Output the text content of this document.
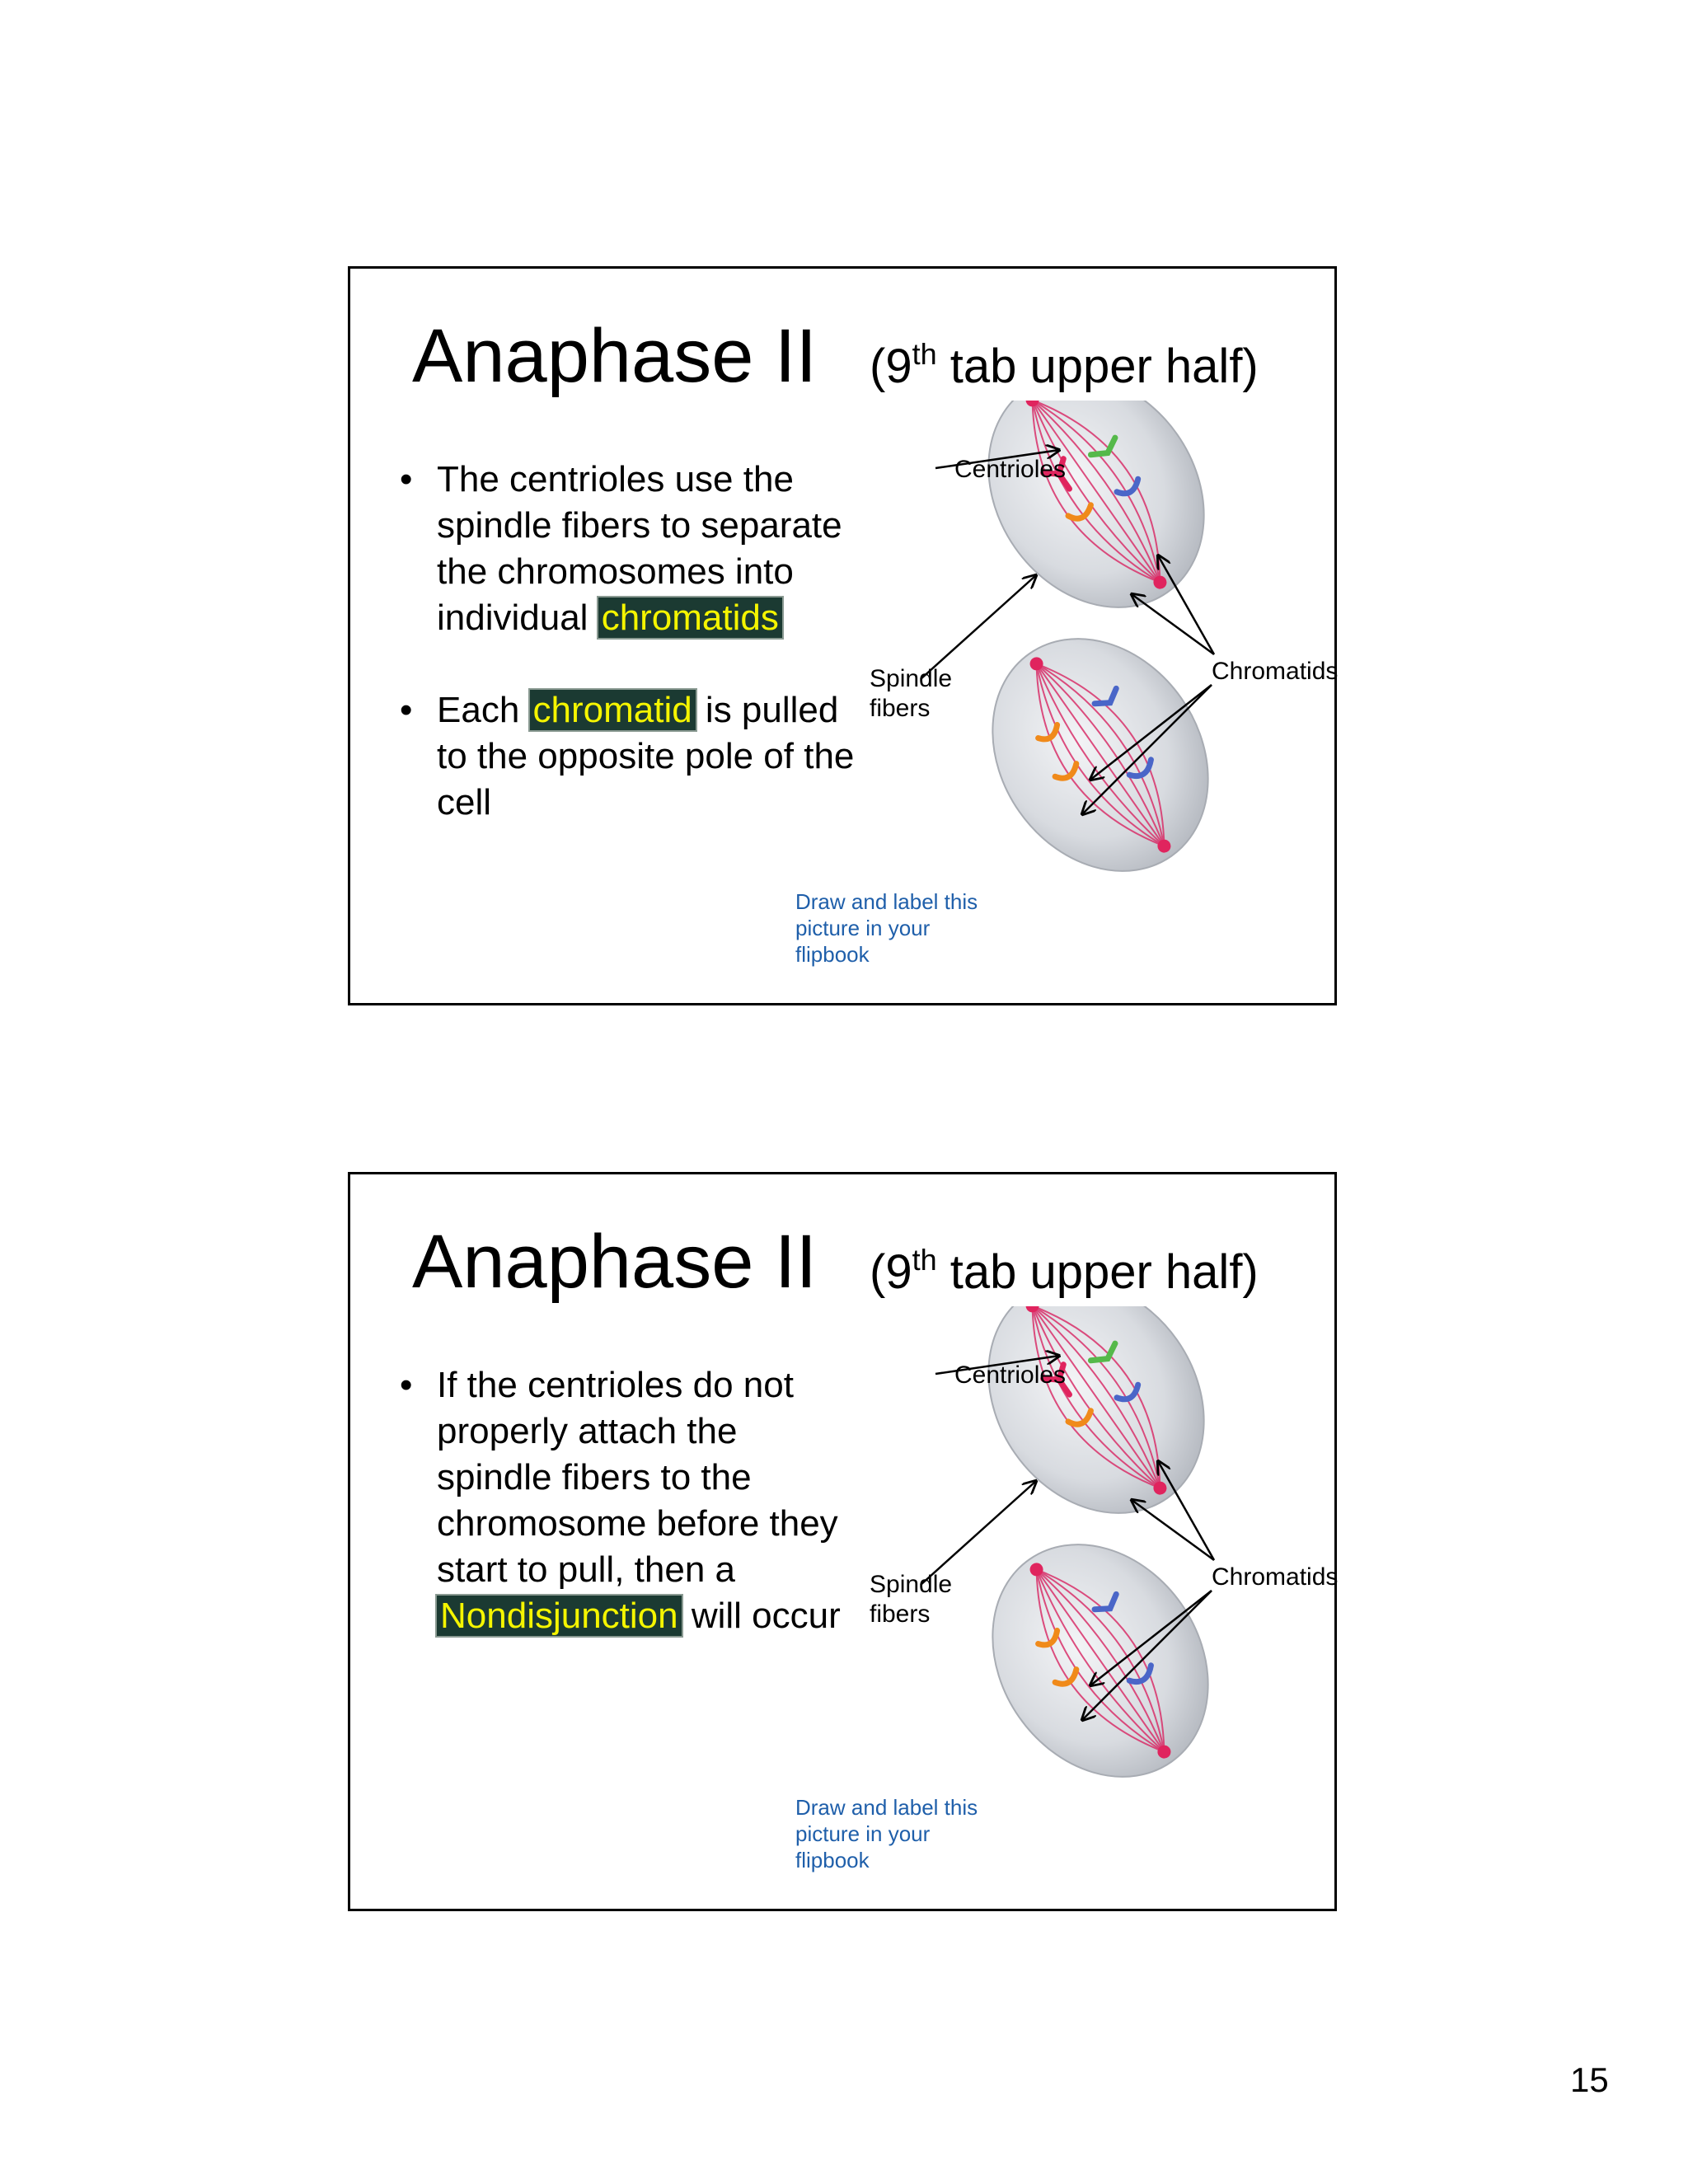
Anaphase II (9th tab upper half)
• The centrioles use the spindle fibers to separate the chromosomes into individual chromatids
• Each chromatid is pulled to the opposite pole of the cell
Centrioles
Spindle fibers
Chromatids
Draw and label this picture in your flipbook
Anaphase II (9th tab upper half)
• If the centrioles do not properly attach the spindle fibers to the chromosome before they start to pull, then a Nondisjunction will occur
Centrioles
Spindle fibers
Chromatids
Draw and label this picture in your flipbook
15
